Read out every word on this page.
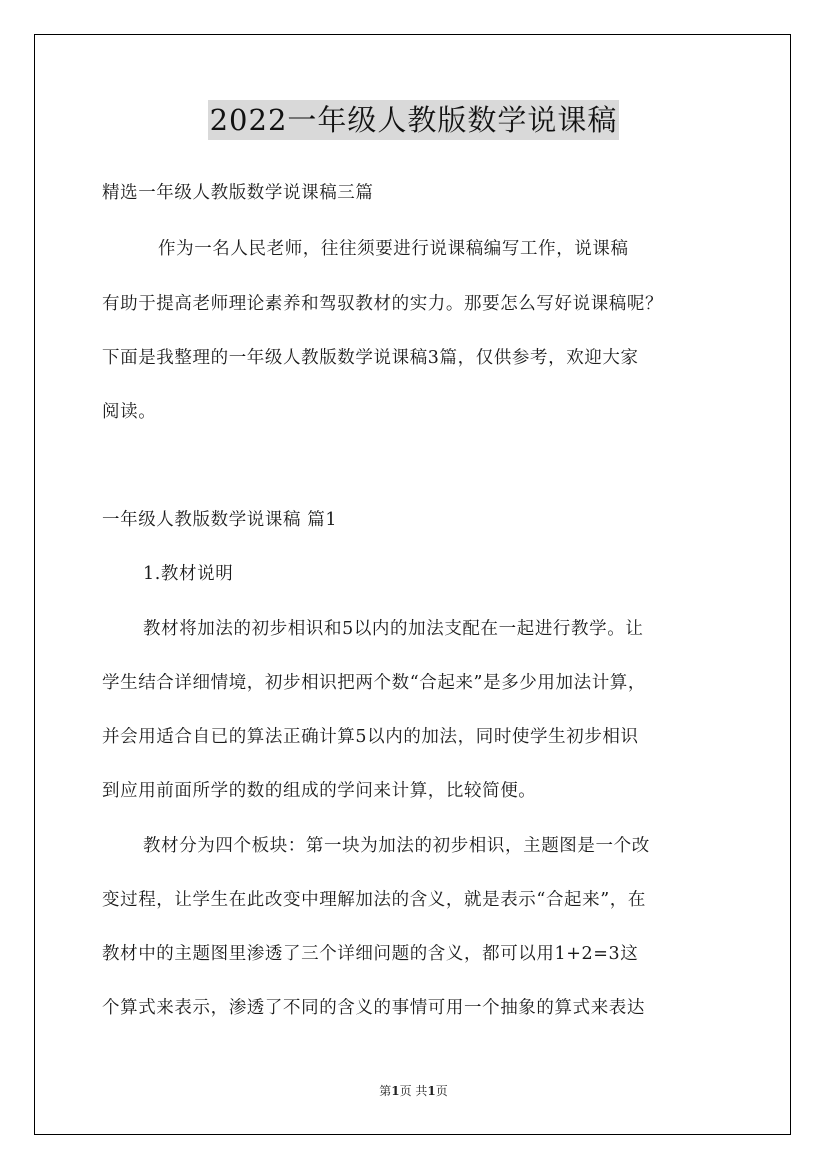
2022一年级人教版数学说课稿
精选一年级人教版数学说课稿三篇
作为一名人民老师，往往须要进行说课稿编写工作，说课稿
有助于提高老师理论素养和驾驭教材的实力。那要怎么写好说课稿呢？
下面是我整理的一年级人教版数学说课稿3篇，仅供参考，欢迎大家
阅读。
一年级人教版数学说课稿 篇1
1.教材说明
教材将加法的初步相识和5以内的加法支配在一起进行教学。让
学生结合详细情境，初步相识把两个数“合起来”是多少用加法计算，
并会用适合自已的算法正确计算5以内的加法，同时使学生初步相识
到应用前面所学的数的组成的学问来计算，比较简便。
教材分为四个板块：第一块为加法的初步相识，主题图是一个改
变过程，让学生在此改变中理解加法的含义，就是表示“合起来”，在
教材中的主题图里渗透了三个详细问题的含义，都可以用1+2=3这
个算式来表示，渗透了不同的含义的事情可用一个抽象的算式来表达
第1页 共1页
